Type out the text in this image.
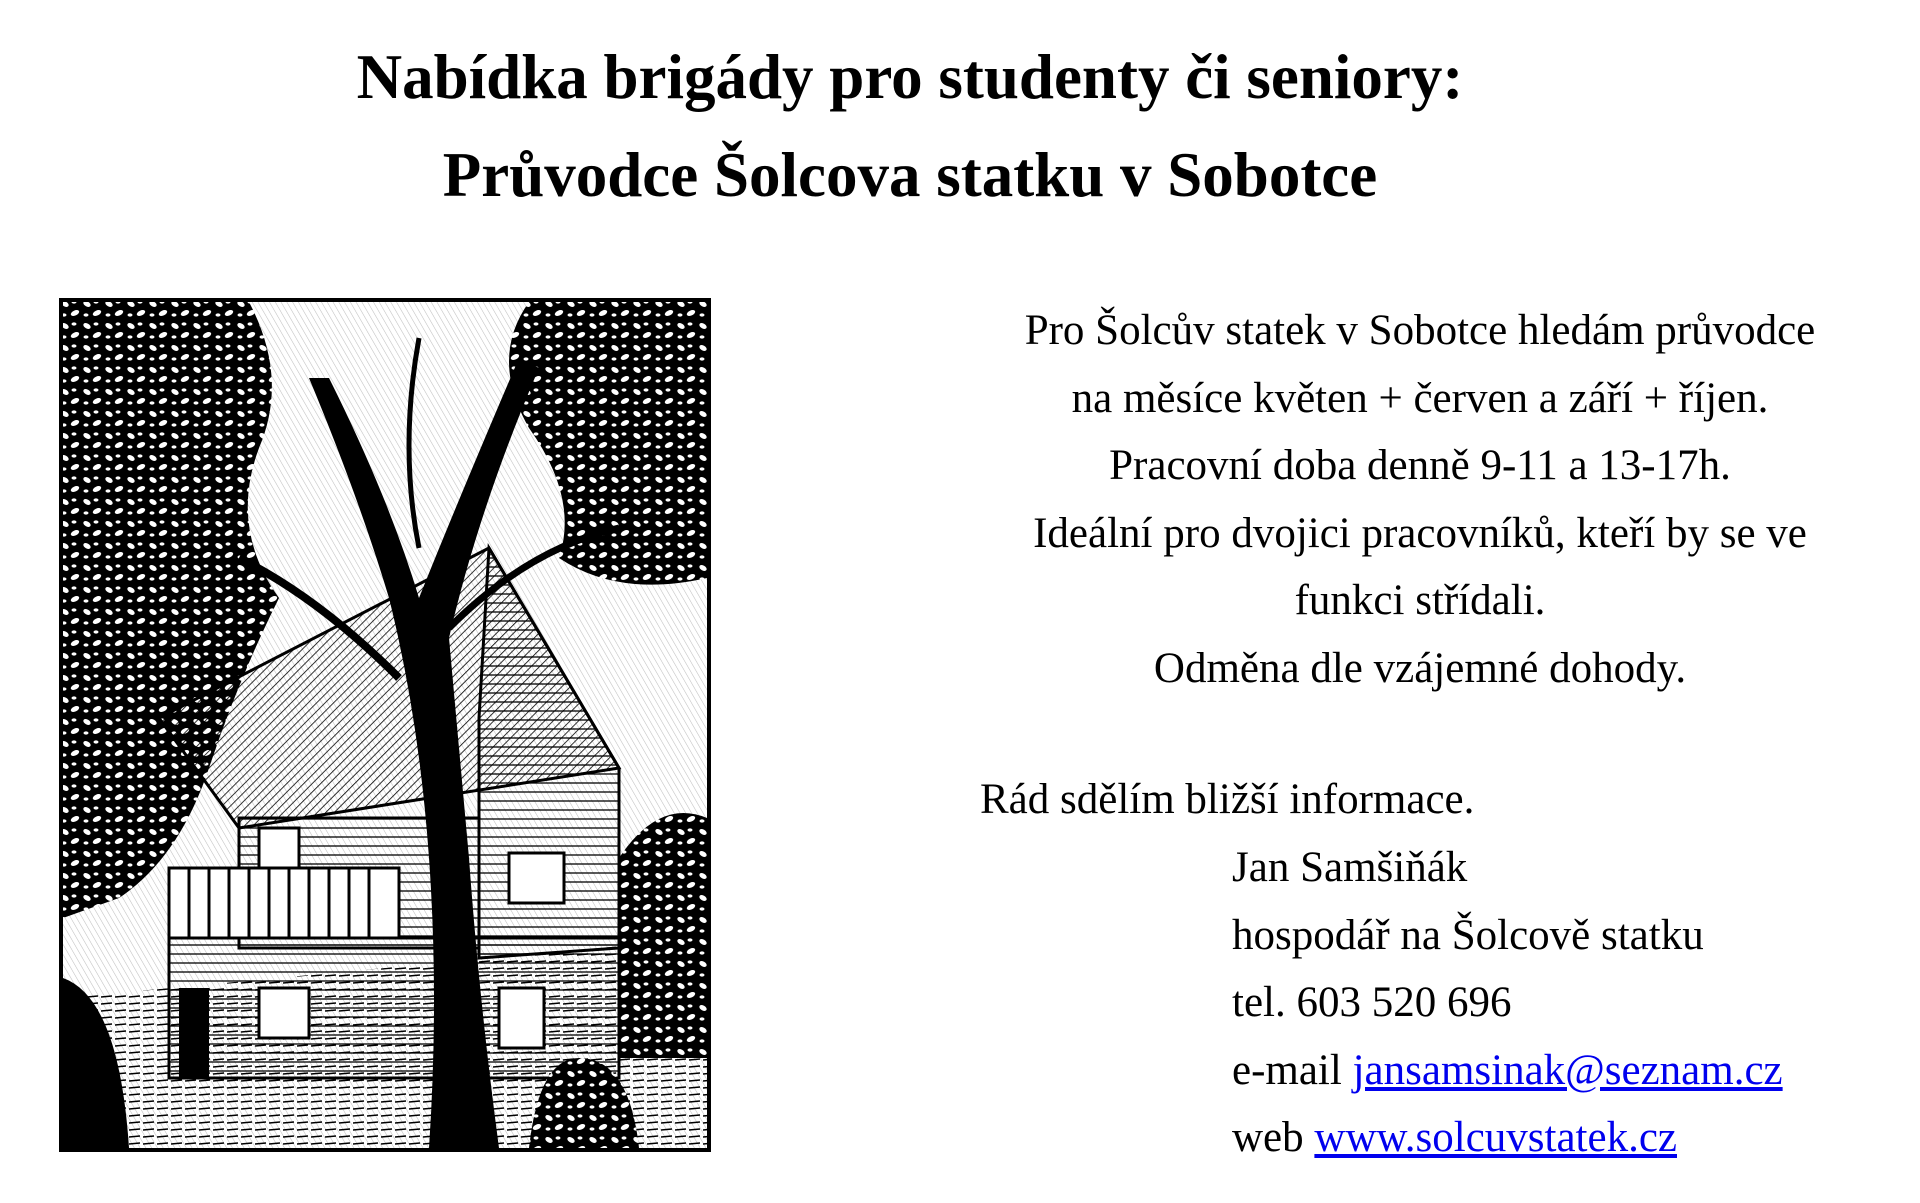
Nabídka brigády pro studenty či seniory:
Průvodce Šolcova statku v Sobotce
Pro Šolcův statek v Sobotce hledám průvodce
na měsíce květen + červen a září + říjen.
Pracovní doba denně 9-11 a 13-17h.
Ideální pro dvojici pracovníků, kteří by se ve
funkci střídali.
Odměna dle vzájemné dohody.
Rád sdělím bližší informace.
Jan Samšiňák
hospodář na Šolcově statku
tel. 603 520 696
e-mail jansamsinak@seznam.cz
web www.solcuvstatek.cz
